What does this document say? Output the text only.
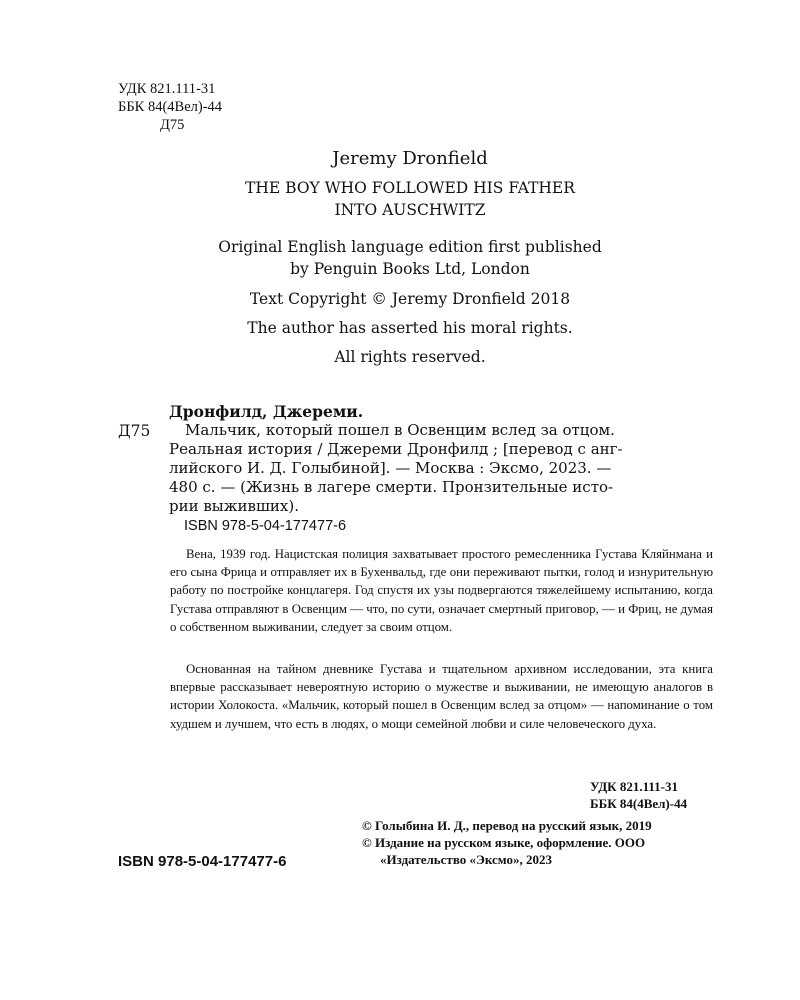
УДК 821.111-31
ББК 84(4Вел)-44
Д75
Jeremy Dronfield
THE BOY WHO FOLLOWED HIS FATHER
INTO AUSCHWITZ
Original English language edition first published
by Penguin Books Ltd, London
Text Copyright © Jeremy Dronfield 2018
The author has asserted his moral rights.
All rights reserved.
Дронфилд, Джереми.
Д75	Мальчик, который пошел в Освенцим вслед за отцом.
Реальная история / Джереми Дронфилд ; [перевод с анг-
лийского И. Д. Голыбиной]. — Москва : Эксмо, 2023. —
480 с. — (Жизнь в лагере смерти. Пронзительные исто-
рии выживших).
ISBN 978-5-04-177477-6
Вена, 1939 год. Нацистская полиция захватывает простого ремесленника Густава Кляйнмана и его сына Фрица и отправляет их в Бухенвальд, где они переживают пытки, голод и изнурительную работу по постройке концлагеря. Год спустя их узы подвергаются тяжелейшему испытанию, когда Густава отправляют в Освенцим — что, по сути, означает смертный приговор, — и Фриц, не думая о собственном выживании, следует за своим отцом.
Основанная на тайном дневнике Густава и тщательном архивном исследовании, эта книга впервые рассказывает невероятную историю о мужестве и выживании, не имеющую аналогов в истории Холокоста. «Мальчик, который пошел в Освенцим вслед за отцом» — напоминание о том худшем и лучшем, что есть в людях, о мощи семейной любви и силе человеческого духа.
УДК 821.111-31
ББК 84(4Вел)-44
© Голыбина И. Д., перевод на русский язык, 2019
© Издание на русском языке, оформление. ООО «Издательство «Эксмо», 2023
ISBN 978-5-04-177477-6
